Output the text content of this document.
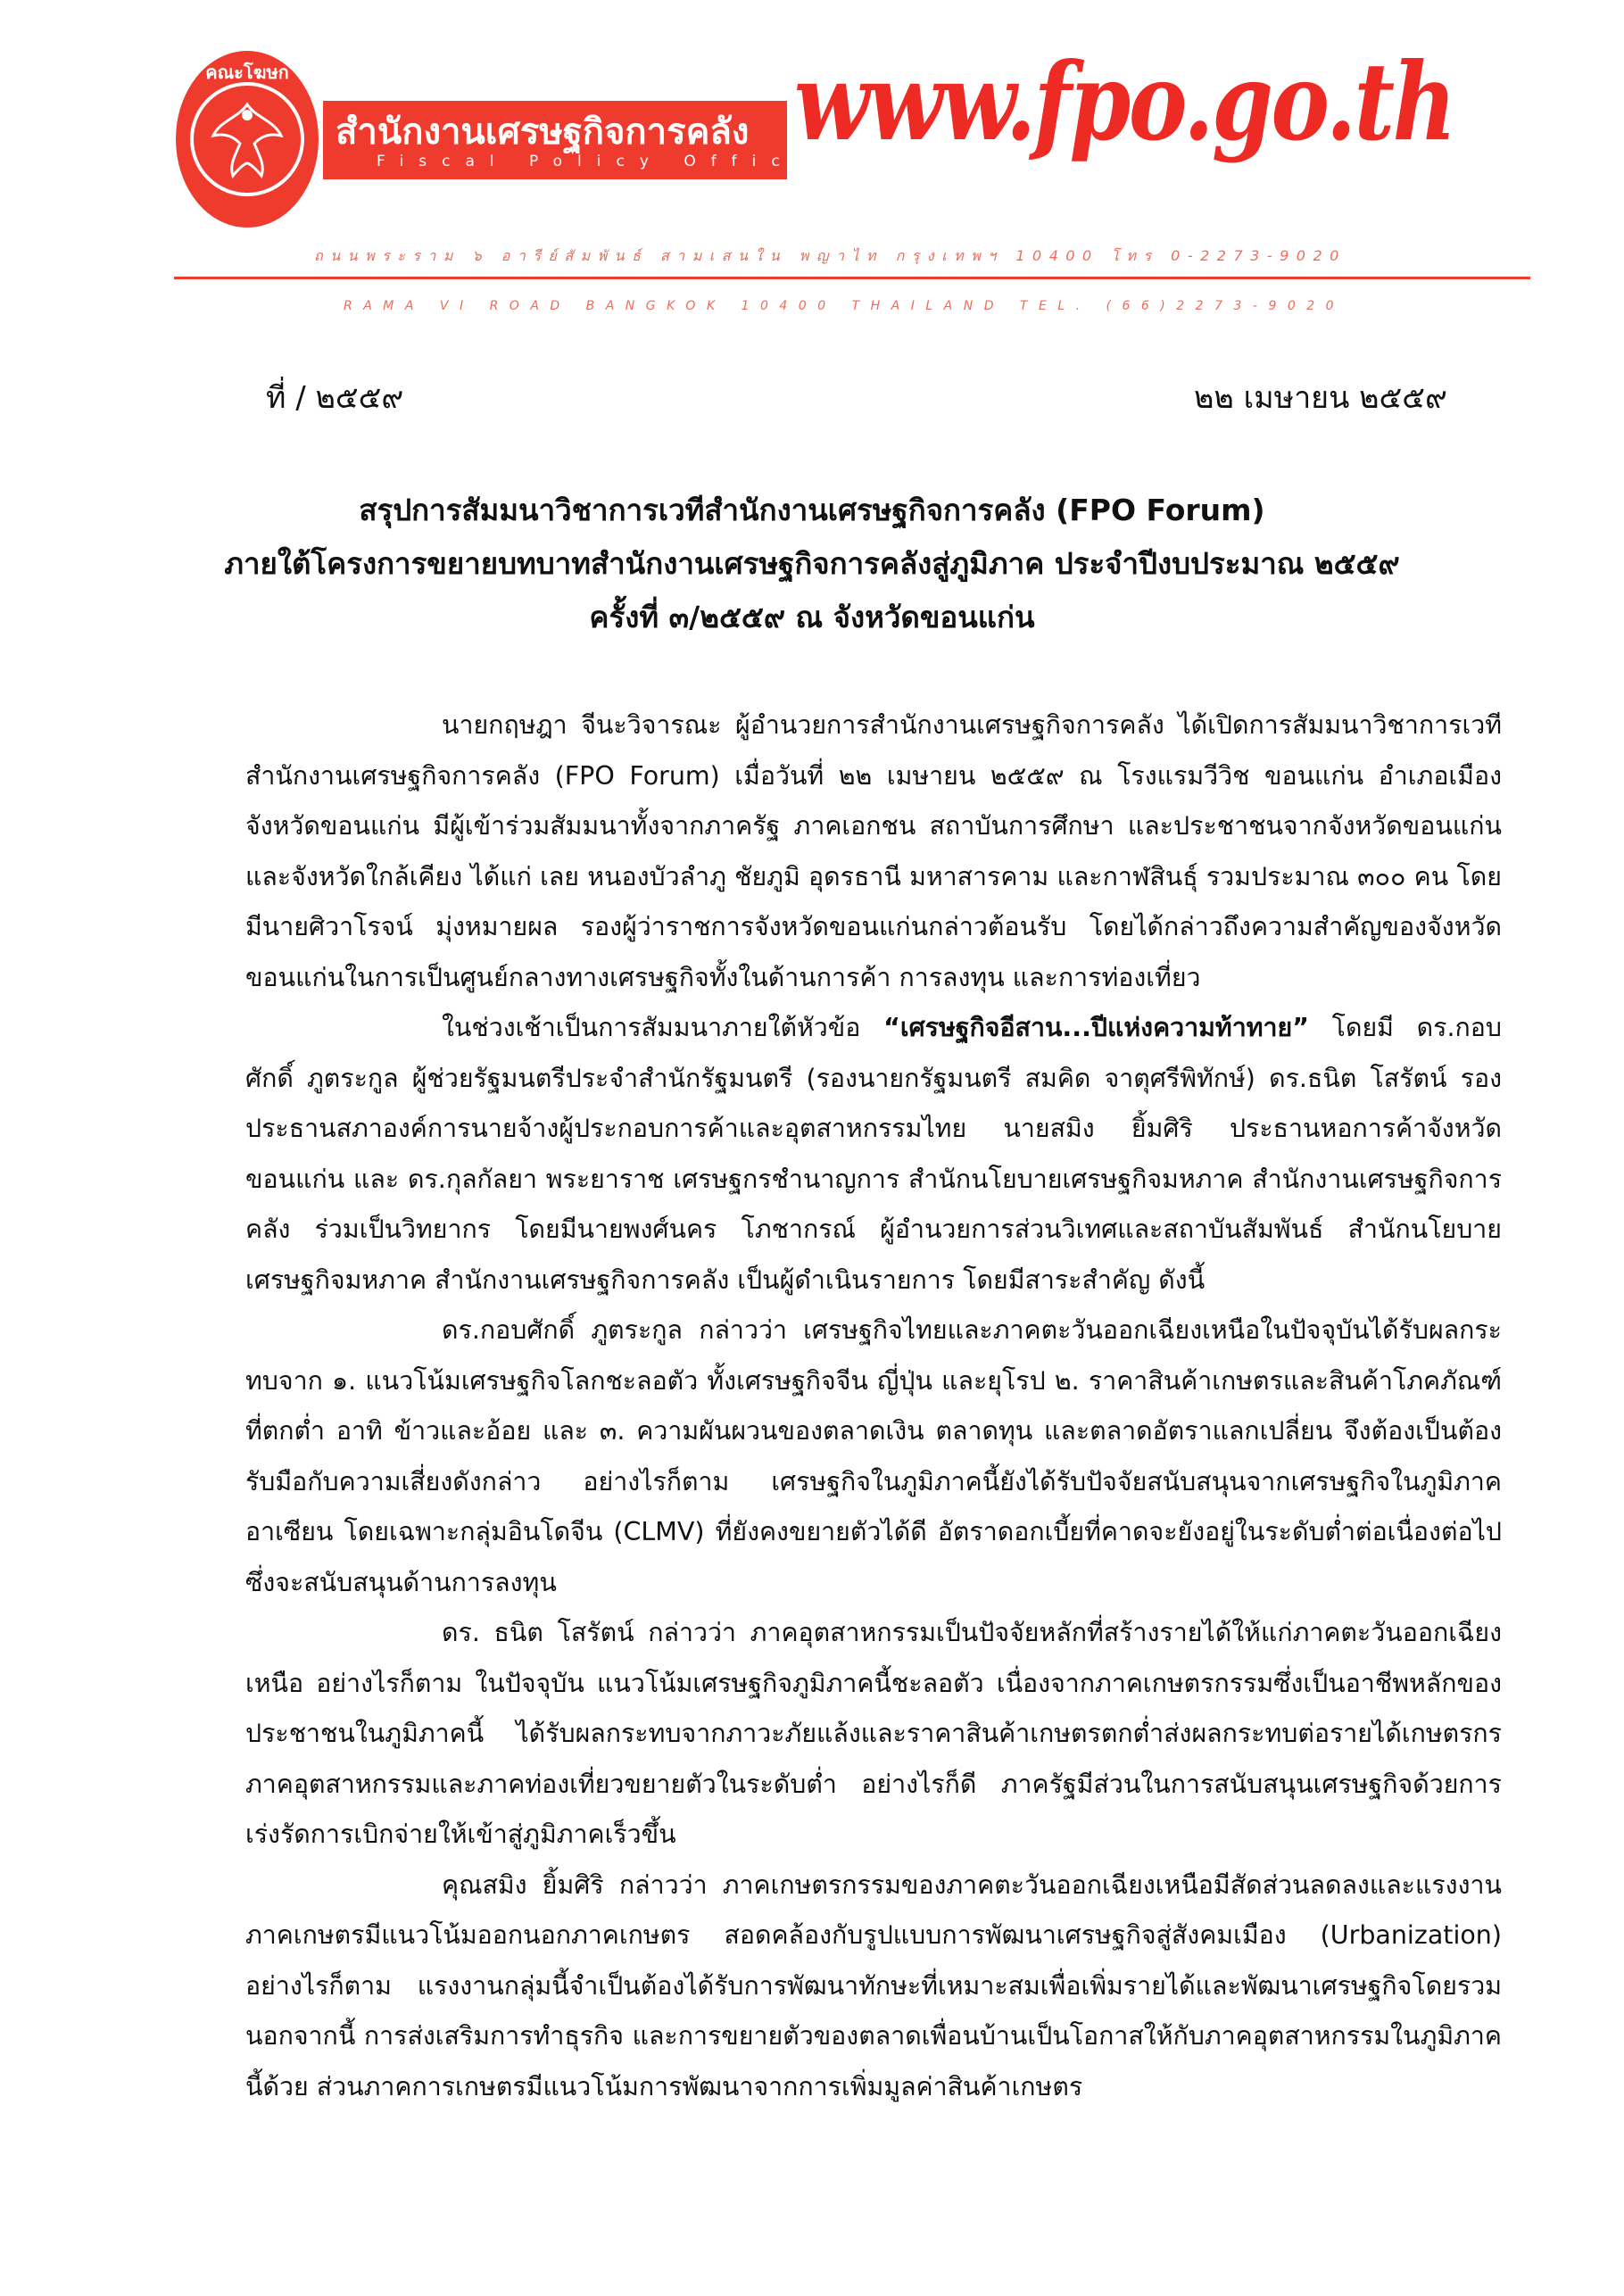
คณะโฆษก
สำนักงานเศรษฐกิจการคลัง
Fiscal Policy Office
www.fpo.go.th
ถนนพระราม ๖ อารีย์สัมพันธ์ สามเสนใน พญาไท กรุงเทพฯ 10400 โทร 0-2273-9020
RAMA VI ROAD BANGKOK 10400 THAILAND TEL. (66)2273-9020
ที่ / ๒๕๕๙	๒๒ เมษายน ๒๕๕๙
สรุปการสัมมนาวิชาการเวทีสำนักงานเศรษฐกิจการคลัง (FPO Forum)
ภายใต้โครงการขยายบทบาทสำนักงานเศรษฐกิจการคลังสู่ภูมิภาค ประจำปีงบประมาณ ๒๕๕๙
ครั้งที่ ๓/๒๕๕๙ ณ จังหวัดขอนแก่น

นายกฤษฎา จีนะวิจารณะ ผู้อำนวยการสำนักงานเศรษฐกิจการคลัง ได้เปิดการสัมมนาวิชาการเวทีสำนักงานเศรษฐกิจการคลัง (FPO Forum) เมื่อวันที่ ๒๒ เมษายน ๒๕๕๙ ณ โรงแรมวีวิช ขอนแก่น อำเภอเมือง จังหวัดขอนแก่น มีผู้เข้าร่วมสัมมนาทั้งจากภาครัฐ ภาคเอกชน สถาบันการศึกษา และประชาชนจากจังหวัดขอนแก่น และจังหวัดใกล้เคียง ได้แก่ เลย หนองบัวลำภู ชัยภูมิ อุดรธานี มหาสารคาม และกาฬสินธุ์ รวมประมาณ ๓๐๐ คน โดยมีนายศิวาโรจน์ มุ่งหมายผล รองผู้ว่าราชการจังหวัดขอนแก่นกล่าวต้อนรับ โดยได้กล่าวถึงความสำคัญของจังหวัดขอนแก่นในการเป็นศูนย์กลางทางเศรษฐกิจทั้งในด้านการค้า การลงทุน และการท่องเที่ยว

ในช่วงเช้าเป็นการสัมมนาภายใต้หัวข้อ “เศรษฐกิจอีสาน...ปีแห่งความท้าทาย” โดยมี ดร.กอบศักดิ์ ภูตระกูล ผู้ช่วยรัฐมนตรีประจำสำนักรัฐมนตรี (รองนายกรัฐมนตรี สมคิด จาตุศรีพิทักษ์) ดร.ธนิต โสรัตน์ รองประธานสภาองค์การนายจ้างผู้ประกอบการค้าและอุตสาหกรรมไทย นายสมิง ยิ้มศิริ ประธานหอการค้าจังหวัดขอนแก่น และ ดร.กุลกัลยา พระยาราช เศรษฐกรชำนาญการ สำนักนโยบายเศรษฐกิจมหภาค สำนักงานเศรษฐกิจการคลัง ร่วมเป็นวิทยากร โดยมีนายพงศ์นคร โภชากรณ์ ผู้อำนวยการส่วนวิเทศและสถาบันสัมพันธ์ สำนักนโยบายเศรษฐกิจมหภาค สำนักงานเศรษฐกิจการคลัง เป็นผู้ดำเนินรายการ โดยมีสาระสำคัญ ดังนี้

ดร.กอบศักดิ์ ภูตระกูล กล่าวว่า เศรษฐกิจไทยและภาคตะวันออกเฉียงเหนือในปัจจุบันได้รับผลกระทบจาก ๑. แนวโน้มเศรษฐกิจโลกชะลอตัว ทั้งเศรษฐกิจจีน ญี่ปุ่น และยุโรป ๒. ราคาสินค้าเกษตรและสินค้าโภคภัณฑ์ที่ตกต่ำ อาทิ ข้าวและอ้อย และ ๓. ความผันผวนของตลาดเงิน ตลาดทุน และตลาดอัตราแลกเปลี่ยน จึงต้องเป็นต้องรับมือกับความเสี่ยงดังกล่าว อย่างไรก็ตาม เศรษฐกิจในภูมิภาคนี้ยังได้รับปัจจัยสนับสนุนจากเศรษฐกิจในภูมิภาคอาเซียน โดยเฉพาะกลุ่มอินโดจีน (CLMV) ที่ยังคงขยายตัวได้ดี อัตราดอกเบี้ยที่คาดจะยังอยู่ในระดับต่ำต่อเนื่องต่อไป ซึ่งจะสนับสนุนด้านการลงทุน

ดร. ธนิต โสรัตน์ กล่าวว่า ภาคอุตสาหกรรมเป็นปัจจัยหลักที่สร้างรายได้ให้แก่ภาคตะวันออกเฉียงเหนือ อย่างไรก็ตาม ในปัจจุบัน แนวโน้มเศรษฐกิจภูมิภาคนี้ชะลอตัว เนื่องจากภาคเกษตรกรรมซึ่งเป็นอาชีพหลักของประชาชนในภูมิภาคนี้ ได้รับผลกระทบจากภาวะภัยแล้งและราคาสินค้าเกษตรตกต่ำส่งผลกระทบต่อรายได้เกษตรกร ภาคอุตสาหกรรมและภาคท่องเที่ยวขยายตัวในระดับต่ำ อย่างไรก็ดี ภาครัฐมีส่วนในการสนับสนุนเศรษฐกิจด้วยการเร่งรัดการเบิกจ่ายให้เข้าสู่ภูมิภาคเร็วขึ้น

คุณสมิง ยิ้มศิริ กล่าวว่า ภาคเกษตรกรรมของภาคตะวันออกเฉียงเหนือมีสัดส่วนลดลงและแรงงานภาคเกษตรมีแนวโน้มออกนอกภาคเกษตร สอดคล้องกับรูปแบบการพัฒนาเศรษฐกิจสู่สังคมเมือง (Urbanization) อย่างไรก็ตาม แรงงานกลุ่มนี้จำเป็นต้องได้รับการพัฒนาทักษะที่เหมาะสมเพื่อเพิ่มรายได้และพัฒนาเศรษฐกิจโดยรวม นอกจากนี้ การส่งเสริมการทำธุรกิจ และการขยายตัวของตลาดเพื่อนบ้านเป็นโอกาสให้กับภาคอุตสาหกรรมในภูมิภาคนี้ด้วย ส่วนภาคการเกษตรมีแนวโน้มการพัฒนาจากการเพิ่มมูลค่าสินค้าเกษตร
